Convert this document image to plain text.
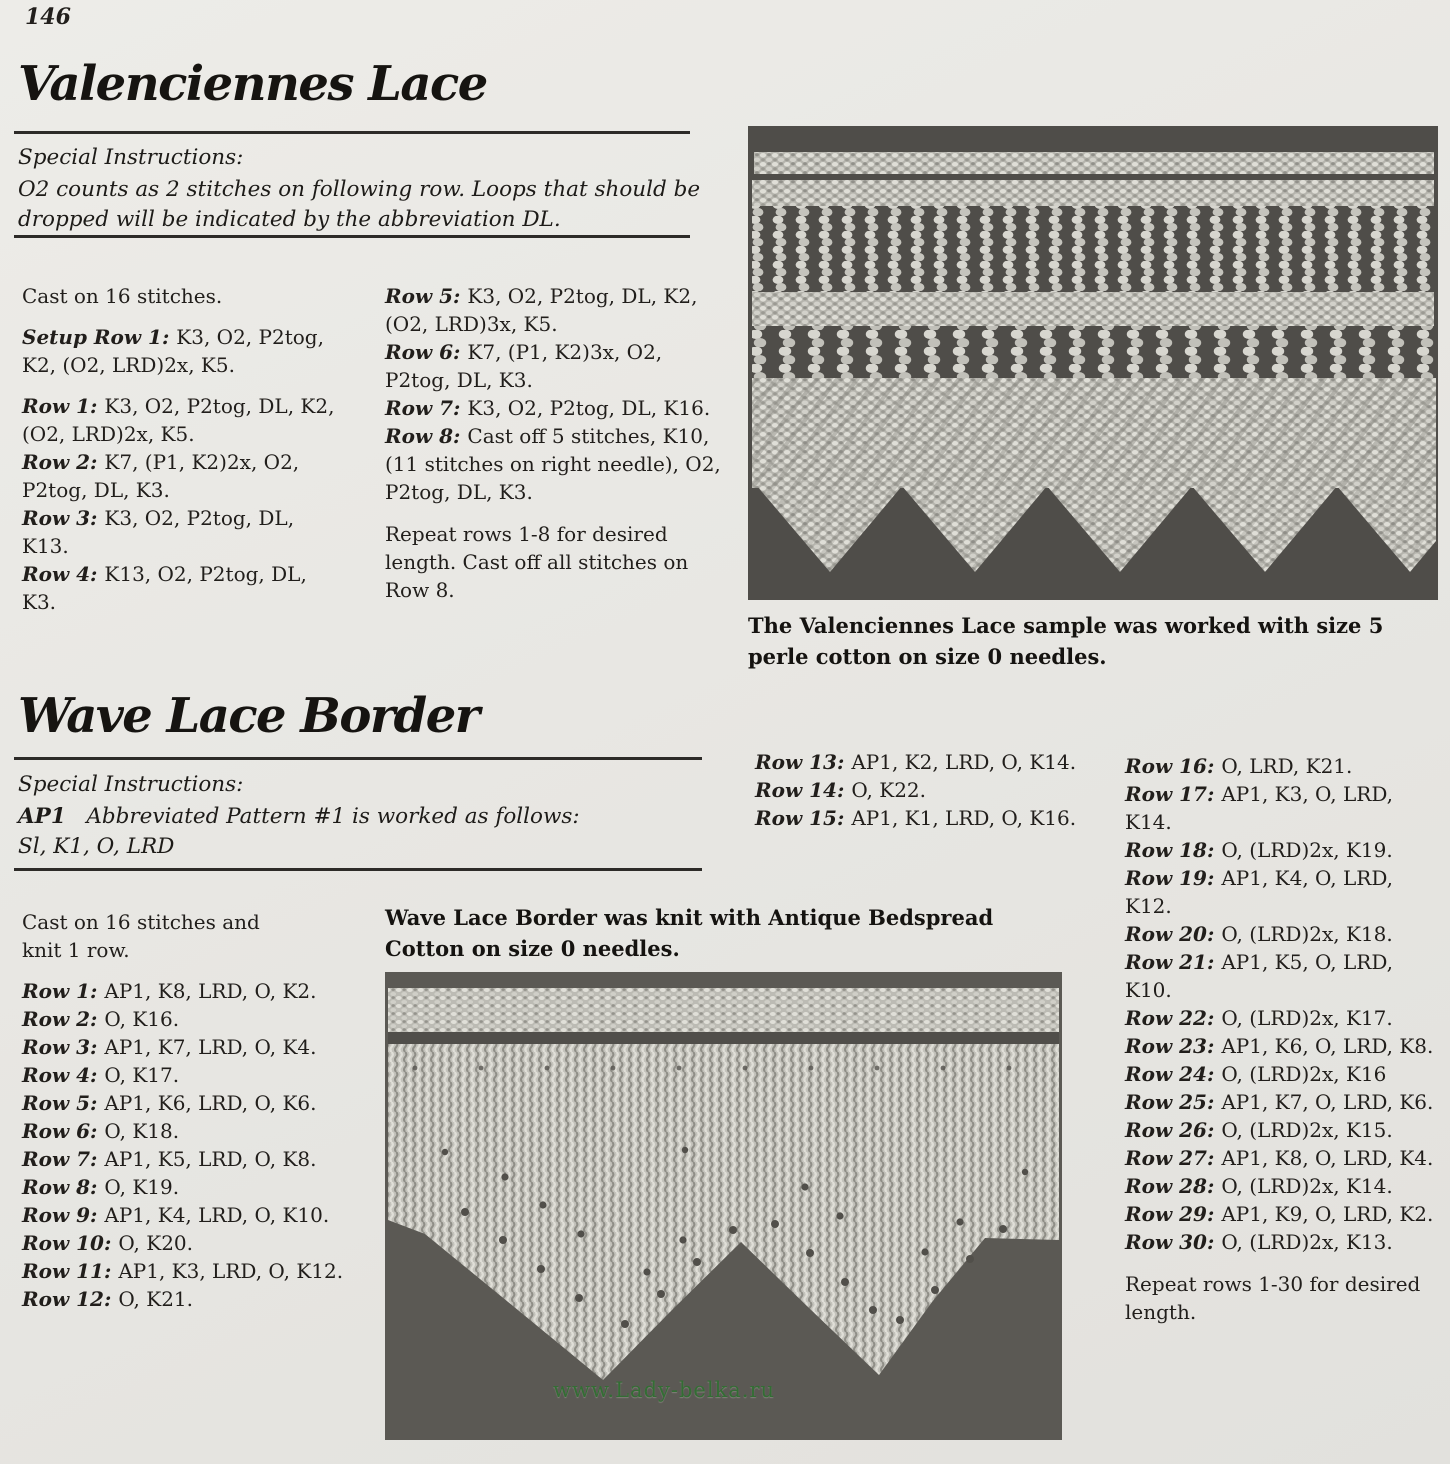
146
Valenciennes Lace
Special Instructions:
O2 counts as 2 stitches on following row. Loops that should be dropped will be indicated by the abbreviation DL.

Cast on 16 stitches.

Setup Row 1: K3, O2, P2tog, K2, (O2, LRD)2x, K5.

Row 1: K3, O2, P2tog, DL, K2, (O2, LRD)2x, K5.

Row 2: K7, (P1, K2)2x, O2, P2tog, DL, K3.

Row 3: K3, O2, P2tog, DL, K13.

Row 4: K13, O2, P2tog, DL, K3.

Row 5: K3, O2, P2tog, DL, K2, (O2, LRD)3x, K5.

Row 6: K7, (P1, K2)3x, O2, P2tog, DL, K3.

Row 7: K3, O2, P2tog, DL, K16.

Row 8: Cast off 5 stitches, K10, (11 stitches on right needle), O2, P2tog, DL, K3.

Repeat rows 1-8 for desired length. Cast off all stitches on Row 8.

The Valenciennes Lace sample was worked with size 5 perle cotton on size 0 needles.
Wave Lace Border
Special Instructions:
AP1 Abbreviated Pattern #1 is worked as follows:
Sl, K1, O, LRD

Row 13: AP1, K2, LRD, O, K14.

Row 14: O, K22.

Row 15: AP1, K1, LRD, O, K16.

Row 16: O, LRD, K21.

Row 17: AP1, K3, O, LRD, K14.

Row 18: O, (LRD)2x, K19.

Row 19: AP1, K4, O, LRD, K12.

Row 20: O, (LRD)2x, K18.

Row 21: AP1, K5, O, LRD, K10.

Row 22: O, (LRD)2x, K17.

Row 23: AP1, K6, O, LRD, K8.

Row 24: O, (LRD)2x, K16

Row 25: AP1, K7, O, LRD, K6.

Row 26: O, (LRD)2x, K15.

Row 27: AP1, K8, O, LRD, K4.

Row 28: O, (LRD)2x, K14.

Row 29: AP1, K9, O, LRD, K2.

Row 30: O, (LRD)2x, K13.

Repeat rows 1-30 for desired length.

Wave Lace Border was knit with Antique Bedspread Cotton on size 0 needles.

Cast on 16 stitches and knit 1 row.

Row 1: AP1, K8, LRD, O, K2.

Row 2: O, K16.

Row 3: AP1, K7, LRD, O, K4.

Row 4: O, K17.

Row 5: AP1, K6, LRD, O, K6.

Row 6: O, K18.

Row 7: AP1, K5, LRD, O, K8.

Row 8: O, K19.

Row 9: AP1, K4, LRD, O, K10.

Row 10: O, K20.

Row 11: AP1, K3, LRD, O, K12.

Row 12: O, K21.

www.Lady-belka.ru
